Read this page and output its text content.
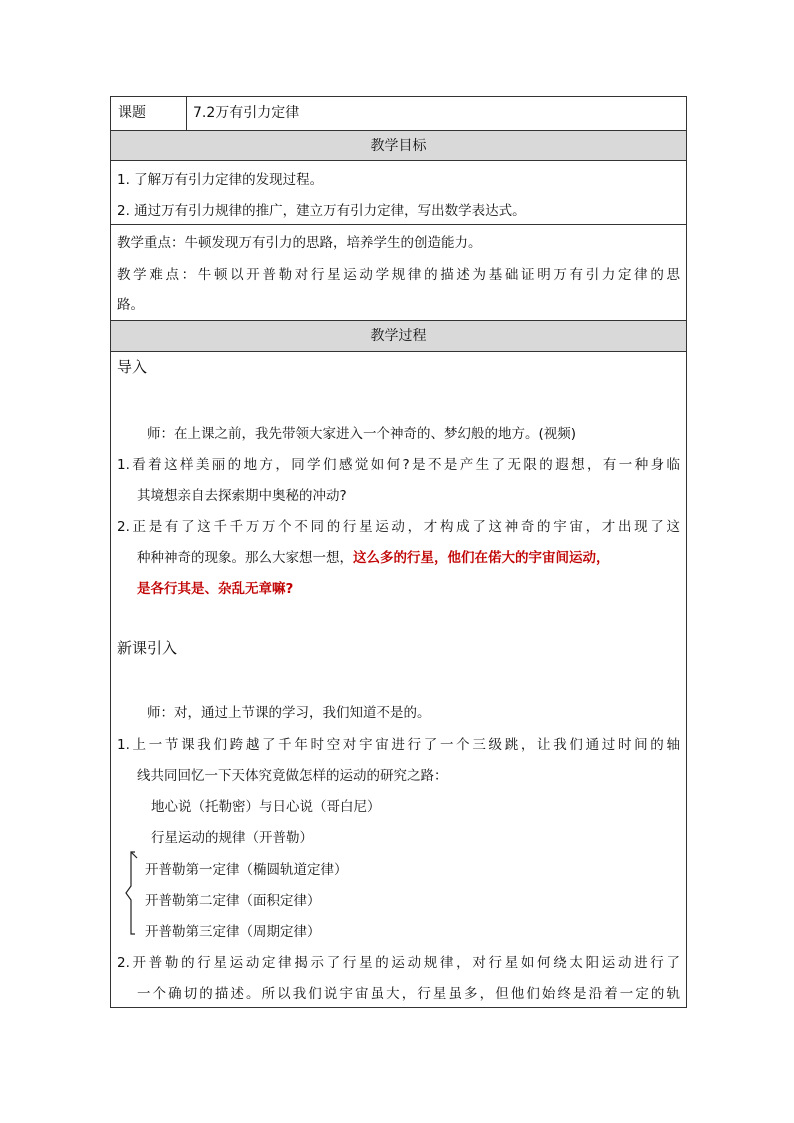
课题	7.2万有引力定律
教学目标
1. 了解万有引力定律的发现过程。
2. 通过万有引力规律的推广，建立万有引力定律，写出数学表达式。
教学重点：牛顿发现万有引力的思路，培养学生的创造能力。
教学难点：牛顿以开普勒对行星运动学规律的描述为基础证明万有引力定律的思
路。
教学过程
导入
师：在上课之前，我先带领大家进入一个神奇的、梦幻般的地方。(视频)
1.看着这样美丽的地方，同学们感觉如何?是不是产生了无限的遐想，有一种身临
其境想亲自去探索期中奥秘的冲动?
2.正是有了这千千万万个不同的行星运动，才构成了这神奇的宇宙，才出现了这
种种神奇的现象。那么大家想一想，这么多的行星，他们在偌大的宇宙间运动，
是各行其是、杂乱无章嘛?
新课引入
师：对，通过上节课的学习，我们知道不是的。
1.上一节课我们跨越了千年时空对宇宙进行了一个三级跳，让我们通过时间的轴
线共同回忆一下天体究竟做怎样的运动的研究之路：
地心说（托勒密）与日心说（哥白尼）
行星运动的规律（开普勒）
开普勒第一定律（椭圆轨道定律）
开普勒第二定律（面积定律）
开普勒第三定律（周期定律）
2.开普勒的行星运动定律揭示了行星的运动规律，对行星如何绕太阳运动进行了
一个确切的描述。所以我们说宇宙虽大，行星虽多，但他们始终是沿着一定的轨
